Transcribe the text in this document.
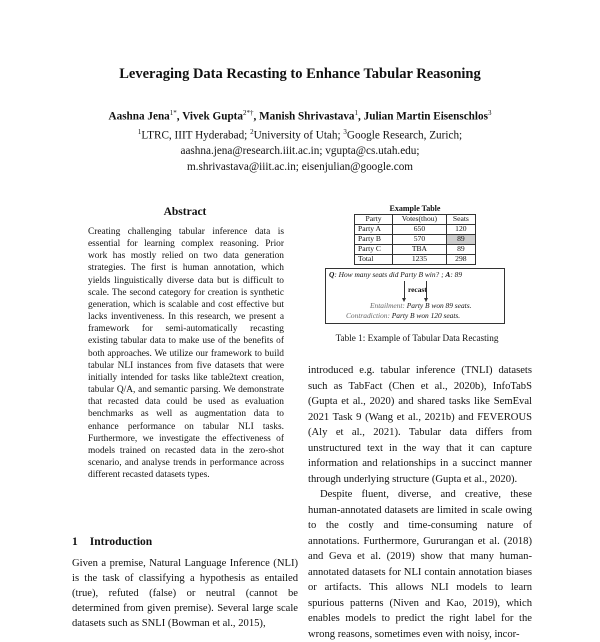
Leveraging Data Recasting to Enhance Tabular Reasoning
Aashna Jena$^{1*}$, Vivek Gupta$^{2*\dagger}$, Manish Shrivastava$^1$, Julian Martin Eisenschlos$^3$
$^1$LTRC, IIIT Hyderabad; $^2$University of Utah; $^3$Google Research, Zurich;
aashna.jena@research.iiit.ac.in; vgupta@cs.utah.edu;
m.shrivastava@iiit.ac.in; eisenjulian@google.com
Abstract
Creating challenging tabular inference data is essential for learning complex reasoning. Prior work has mostly relied on two data generation strategies. The first is human annotation, which yields linguistically diverse data but is difficult to scale. The second category for creation is synthetic generation, which is scalable and cost effective but lacks inventiveness. In this research, we present a framework for semi-automatically recasting existing tabular data to make use of the benefits of both approaches. We utilize our framework to build tabular NLI instances from five datasets that were initially intended for tasks like table2text creation, tabular Q/A, and semantic parsing. We demonstrate that recasted data could be used as evaluation benchmarks as well as augmentation data to enhance performance on tabular NLI tasks. Furthermore, we investigate the effectiveness of models trained on recasted data in the zero-shot scenario, and analyse trends in performance across different recasted datasets types.
1 Introduction
Given a premise, Natural Language Inference (NLI) is the task of classifying a hypothesis as entailed (true), refuted (false) or neutral (cannot be determined from given premise). Several large scale datasets such as SNLI (Bowman et al., 2015),
Example Table
Party	Votes(thou)	Seats
Party A	650	120
Party B	570	89
Party C	TBA	89
Total	1235	298
Q: How many seats did Party B win? ; A: 89
recast
Entailment: Party B won 89 seats.
Contradiction: Party B won 120 seats.
Table 1: Example of Tabular Data Recasting

introduced e.g. tabular inference (TNLI) datasets such as TabFact (Chen et al., 2020b), InfoTabS (Gupta et al., 2020) and shared tasks like SemEval 2021 Task 9 (Wang et al., 2021b) and FEVEROUS (Aly et al., 2021). Tabular data differs from unstructured text in the way that it can capture information and relationships in a succinct manner through underlying structure (Gupta et al., 2020).

Despite fluent, diverse, and creative, these human-annotated datasets are limited in scale owing to the costly and time-consuming nature of annotations. Furthermore, Gururangan et al. (2018) and Geva et al. (2019) show that many human-annotated datasets for NLI contain annotation biases or artifacts. This allows NLI models to learn spurious patterns (Niven and Kao, 2019), which enables models to predict the right label for the wrong reasons, sometimes even with noisy, incor-
